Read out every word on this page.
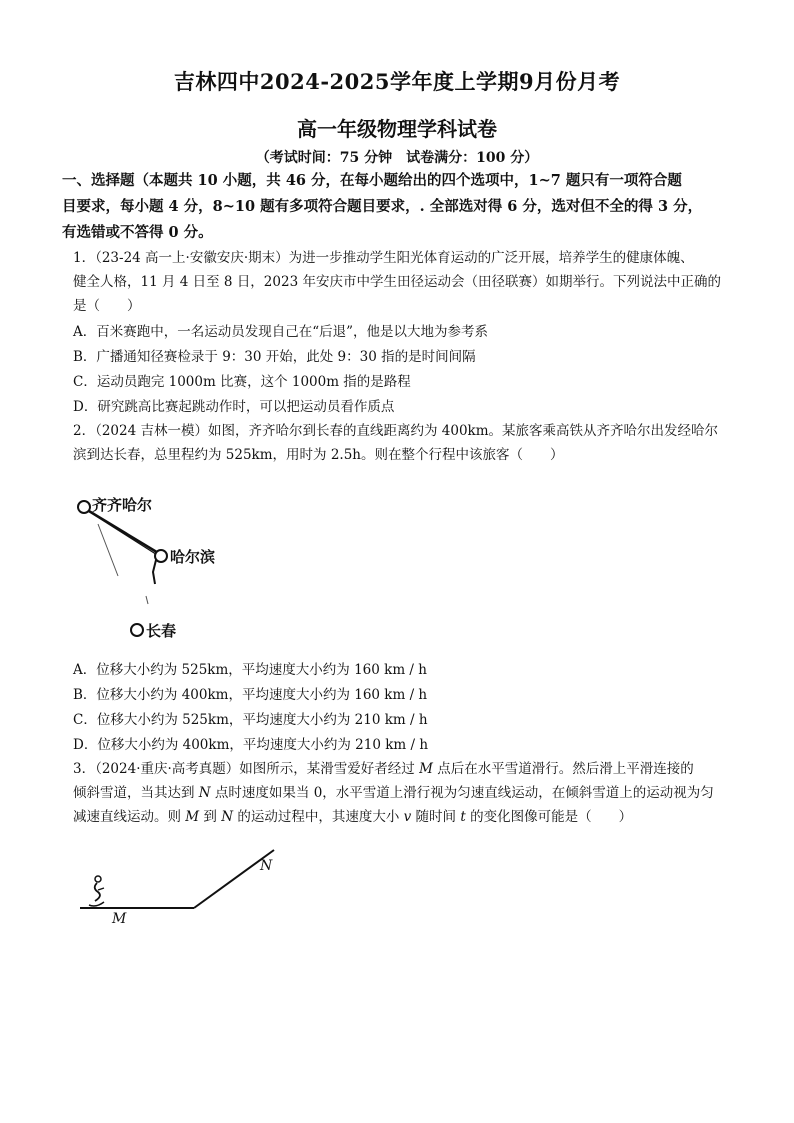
吉林四中2024-2025学年度上学期9月份月考
高一年级物理学科试卷
（考试时间：75 分钟　试卷满分：100 分）
一、选择题（本题共 10 小题，共 46 分，在每小题给出的四个选项中，1~7 题只有一项符合题
目要求，每小题 4 分，8~10 题有多项符合题目要求，. 全部选对得 6 分，选对但不全的得 3 分，
有选错或不答得 0 分。
1．（23-24 高一上·安徽安庆·期末）为进一步推动学生阳光体育运动的广泛开展，培养学生的健康体魄、
健全人格，11 月 4 日至 8 日，2023 年安庆市中学生田径运动会（田径联赛）如期举行。下列说法中正确的
是（　　）
A．百米赛跑中，一名运动员发现自己在“后退”，他是以大地为参考系
B．广播通知径赛检录于 9：30 开始，此处 9：30 指的是时间间隔
C．运动员跑完 1000m 比赛，这个 1000m 指的是路程
D．研究跳高比赛起跳动作时，可以把运动员看作质点
2．（2024 吉林一模）如图，齐齐哈尔到长春的直线距离约为 400km。某旅客乘高铁从齐齐哈尔出发经哈尔
滨到达长春，总里程约为 525km，用时为 2.5h。则在整个行程中该旅客（　　）
齐齐哈尔
哈尔滨
长春
A．位移大小约为 525km，平均速度大小约为 160 km / h
B．位移大小约为 400km，平均速度大小约为 160 km / h
C．位移大小约为 525km，平均速度大小约为 210 km / h
D．位移大小约为 400km，平均速度大小约为 210 km / h
3．（2024·重庆·高考真题）如图所示，某滑雪爱好者经过 M 点后在水平雪道滑行。然后滑上平滑连接的
倾斜雪道，当其达到 N 点时速度如果当 0，水平雪道上滑行视为匀速直线运动，在倾斜雪道上的运动视为匀
减速直线运动。则 M 到 N 的运动过程中，其速度大小 v 随时间 t 的变化图像可能是（　　）
M
N
